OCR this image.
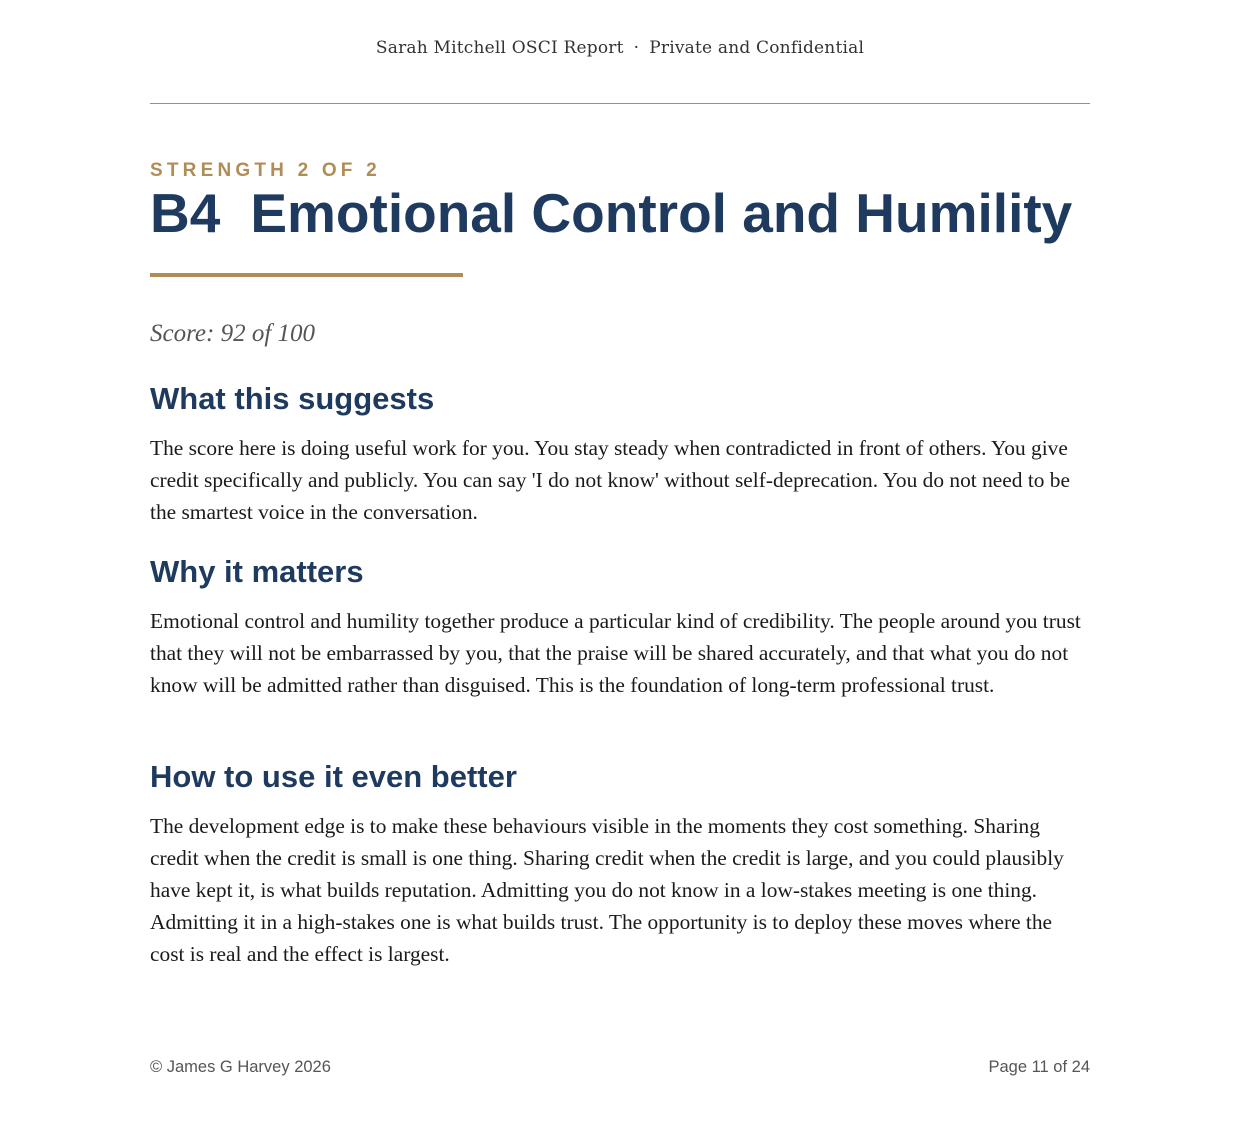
Sarah Mitchell OSCI Report · Private and Confidential
STRENGTH 2 OF 2
B4 Emotional Control and Humility
Score: 92 of 100
What this suggests

The score here is doing useful work for you. You stay steady when contradicted in front of others. You give credit specifically and publicly. You can say 'I do not know' without self-deprecation. You do not need to be the smartest voice in the conversation.

Why it matters

Emotional control and humility together produce a particular kind of credibility. The people around you trust that they will not be embarrassed by you, that the praise will be shared accurately, and that what you do not know will be admitted rather than disguised. This is the foundation of long-term professional trust.

How to use it even better

The development edge is to make these behaviours visible in the moments they cost something. Sharing credit when the credit is small is one thing. Sharing credit when the credit is large, and you could plausibly have kept it, is what builds reputation. Admitting you do not know in a low-stakes meeting is one thing. Admitting it in a high-stakes one is what builds trust. The opportunity is to deploy these moves where the cost is real and the effect is largest.

© James G Harvey 2026	Page 11 of 24
